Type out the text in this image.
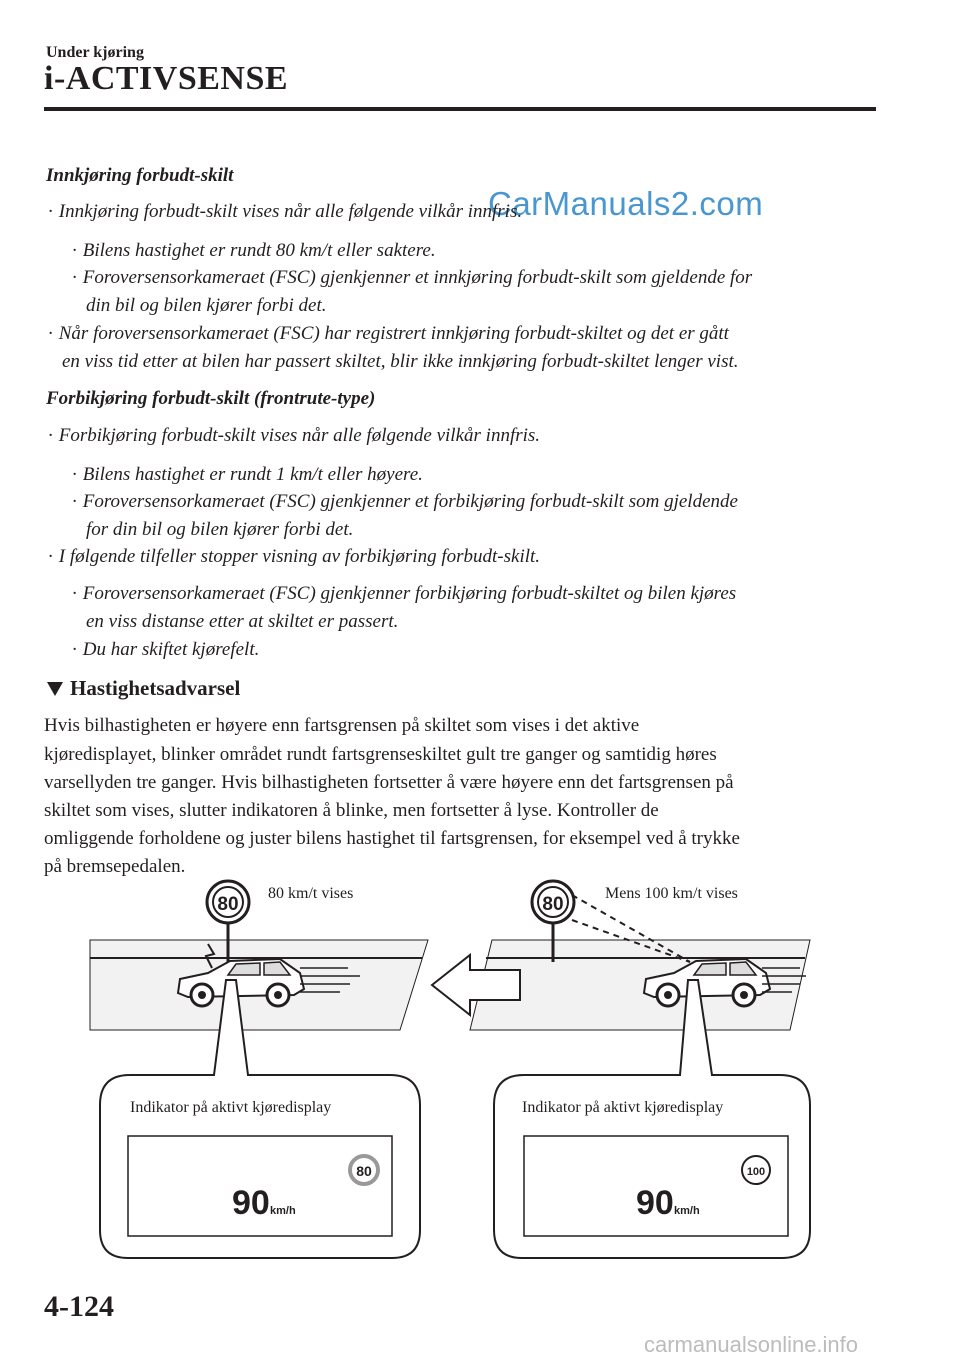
Under kjøring
i-ACTIVSENSE
CarManuals2.com
Innkjøring forbudt-skilt
· Innkjøring forbudt-skilt vises når alle følgende vilkår innfris.
· Bilens hastighet er rundt 80 km/t eller saktere.
· Foroversensorkameraet (FSC) gjenkjenner et innkjøring forbudt-skilt som gjeldende for
din bil og bilen kjører forbi det.
· Når foroversensorkameraet (FSC) har registrert innkjøring forbudt-skiltet og det er gått
en viss tid etter at bilen har passert skiltet, blir ikke innkjøring forbudt-skiltet lenger vist.
Forbikjøring forbudt-skilt (frontrute-type)
· Forbikjøring forbudt-skilt vises når alle følgende vilkår innfris.
· Bilens hastighet er rundt 1 km/t eller høyere.
· Foroversensorkameraet (FSC) gjenkjenner et forbikjøring forbudt-skilt som gjeldende
for din bil og bilen kjører forbi det.
· I følgende tilfeller stopper visning av forbikjøring forbudt-skilt.
· Foroversensorkameraet (FSC) gjenkjenner forbikjøring forbudt-skiltet og bilen kjøres
en viss distanse etter at skiltet er passert.
· Du har skiftet kjørefelt.
Hastighetsadvarsel
Hvis bilhastigheten er høyere enn fartsgrensen på skiltet som vises i det aktive
kjøredisplayet, blinker området rundt fartsgrenseskiltet gult tre ganger og samtidig høres
varsellyden tre ganger. Hvis bilhastigheten fortsetter å være høyere enn det fartsgrensen på
skiltet som vises, slutter indikatoren å blinke, men fortsetter å lyse. Kontroller de
omliggende forholdene og juster bilens hastighet til fartsgrensen, for eksempel ved å trykke
på bremsepedalen.
80
80 km/t vises
80
Mens 100 km/t vises
Indikator på aktivt kjøredisplay
80
90 km/h
Indikator på aktivt kjøredisplay
100
90 km/h
4-124
carmanualsonline.info
